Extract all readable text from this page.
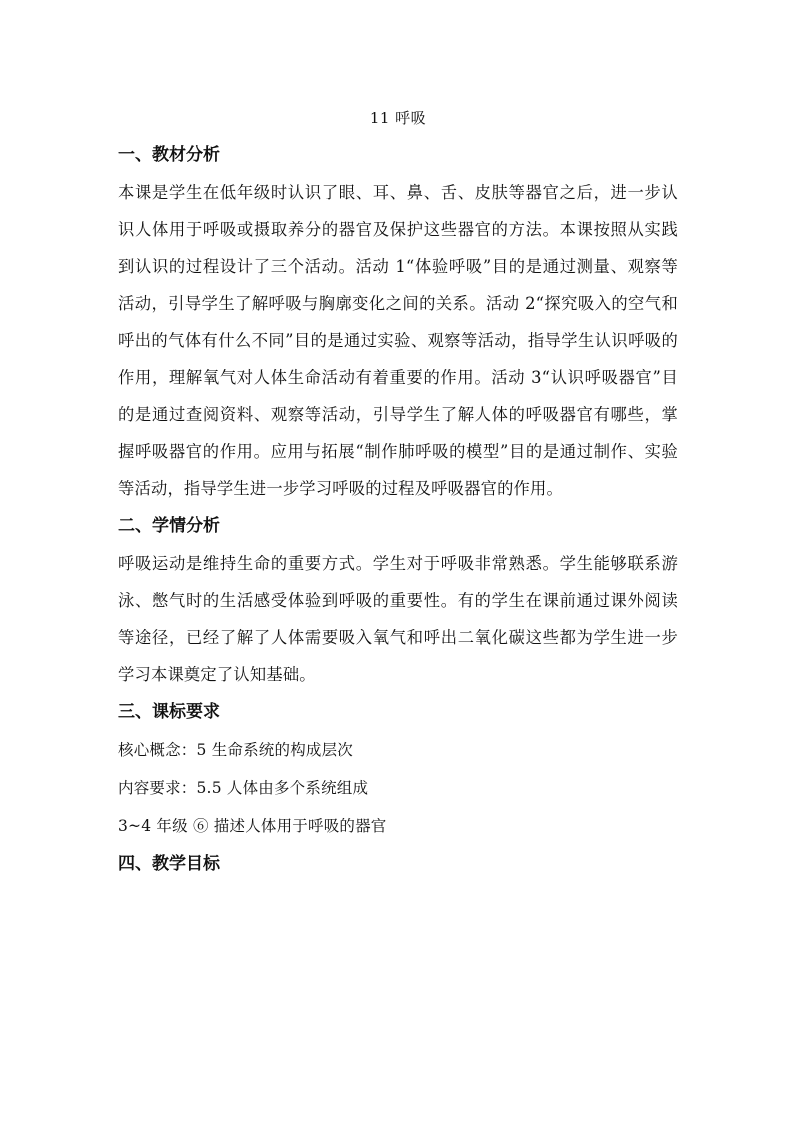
11 呼吸
一、教材分析

本课是学生在低年级时认识了眼、耳、鼻、舌、皮肤等器官之后，进一步认识人体用于呼吸或摄取养分的器官及保护这些器官的方法。本课按照从实践到认识的过程设计了三个活动。活动 1“体验呼吸”目的是通过测量、观察等活动，引导学生了解呼吸与胸廓变化之间的关系。活动 2“探究吸入的空气和呼出的气体有什么不同”目的是通过实验、观察等活动，指导学生认识呼吸的作用，理解氧气对人体生命活动有着重要的作用。活动 3“认识呼吸器官”目的是通过查阅资料、观察等活动，引导学生了解人体的呼吸器官有哪些，掌握呼吸器官的作用。应用与拓展“制作肺呼吸的模型”目的是通过制作、实验等活动，指导学生进一步学习呼吸的过程及呼吸器官的作用。

二、学情分析

呼吸运动是维持生命的重要方式。学生对于呼吸非常熟悉。学生能够联系游泳、憋气时的生活感受体验到呼吸的重要性。有的学生在课前通过课外阅读等途径，已经了解了人体需要吸入氧气和呼出二氧化碳这些都为学生进一步学习本课奠定了认知基础。

三、课标要求

核心概念：5 生命系统的构成层次

内容要求：5.5 人体由多个系统组成

3~4 年级 ⑥ 描述人体用于呼吸的器官

四、教学目标
